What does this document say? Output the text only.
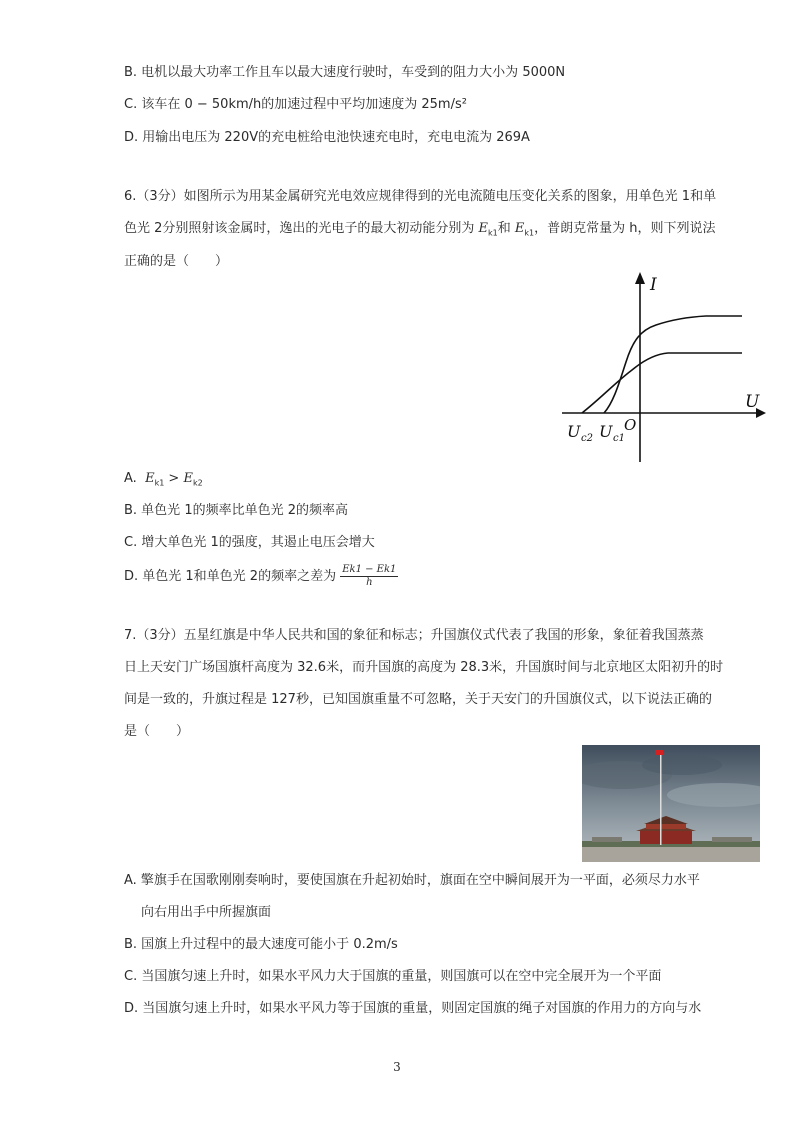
B. 电机以最大功率工作且车以最大速度行驶时，车受到的阻力大小为 5000N
C. 该车在 0 − 50km/h的加速过程中平均加速度为 25m/s²
D. 用输出电压为 220V的充电桩给电池快速充电时，充电电流为 269A
6.（3分）如图所示为用某金属研究光电效应规律得到的光电流随电压变化关系的图象，用单色光 1和单
色光 2分别照射该金属时，逸出的光电子的最大初动能分别为 $E_{k1}$和 $E_{k1}$，普朗克常量为 h，则下列说法
正确的是（　　）
I
U
O
U c2 U c1
A. $E_{k1} > E_{k2}$
B. 单色光 1的频率比单色光 2的频率高
C. 增大单色光 1的强度，其遏止电压会增大
D. 单色光 1和单色光 2的频率之差为 $\frac{Ek1 - Ek1}{h}$
7.（3分）五星红旗是中华人民共和国的象征和标志；升国旗仪式代表了我国的形象，象征着我国蒸蒸
日上天安门广场国旗杆高度为 32.6米，而升国旗的高度为 28.3米，升国旗时间与北京地区太阳初升的时
间是一致的，升旗过程是 127秒，已知国旗重量不可忽略，关于天安门的升国旗仪式，以下说法正确的
是（　　）
A. 擎旗手在国歌刚刚奏响时，要使国旗在升起初始时，旗面在空中瞬间展开为一平面，必须尽力水平
向右用出手中所握旗面
B. 国旗上升过程中的最大速度可能小于 0.2m/s
C. 当国旗匀速上升时，如果水平风力大于国旗的重量，则国旗可以在空中完全展开为一个平面
D. 当国旗匀速上升时，如果水平风力等于国旗的重量，则固定国旗的绳子对国旗的作用力的方向与水
3
